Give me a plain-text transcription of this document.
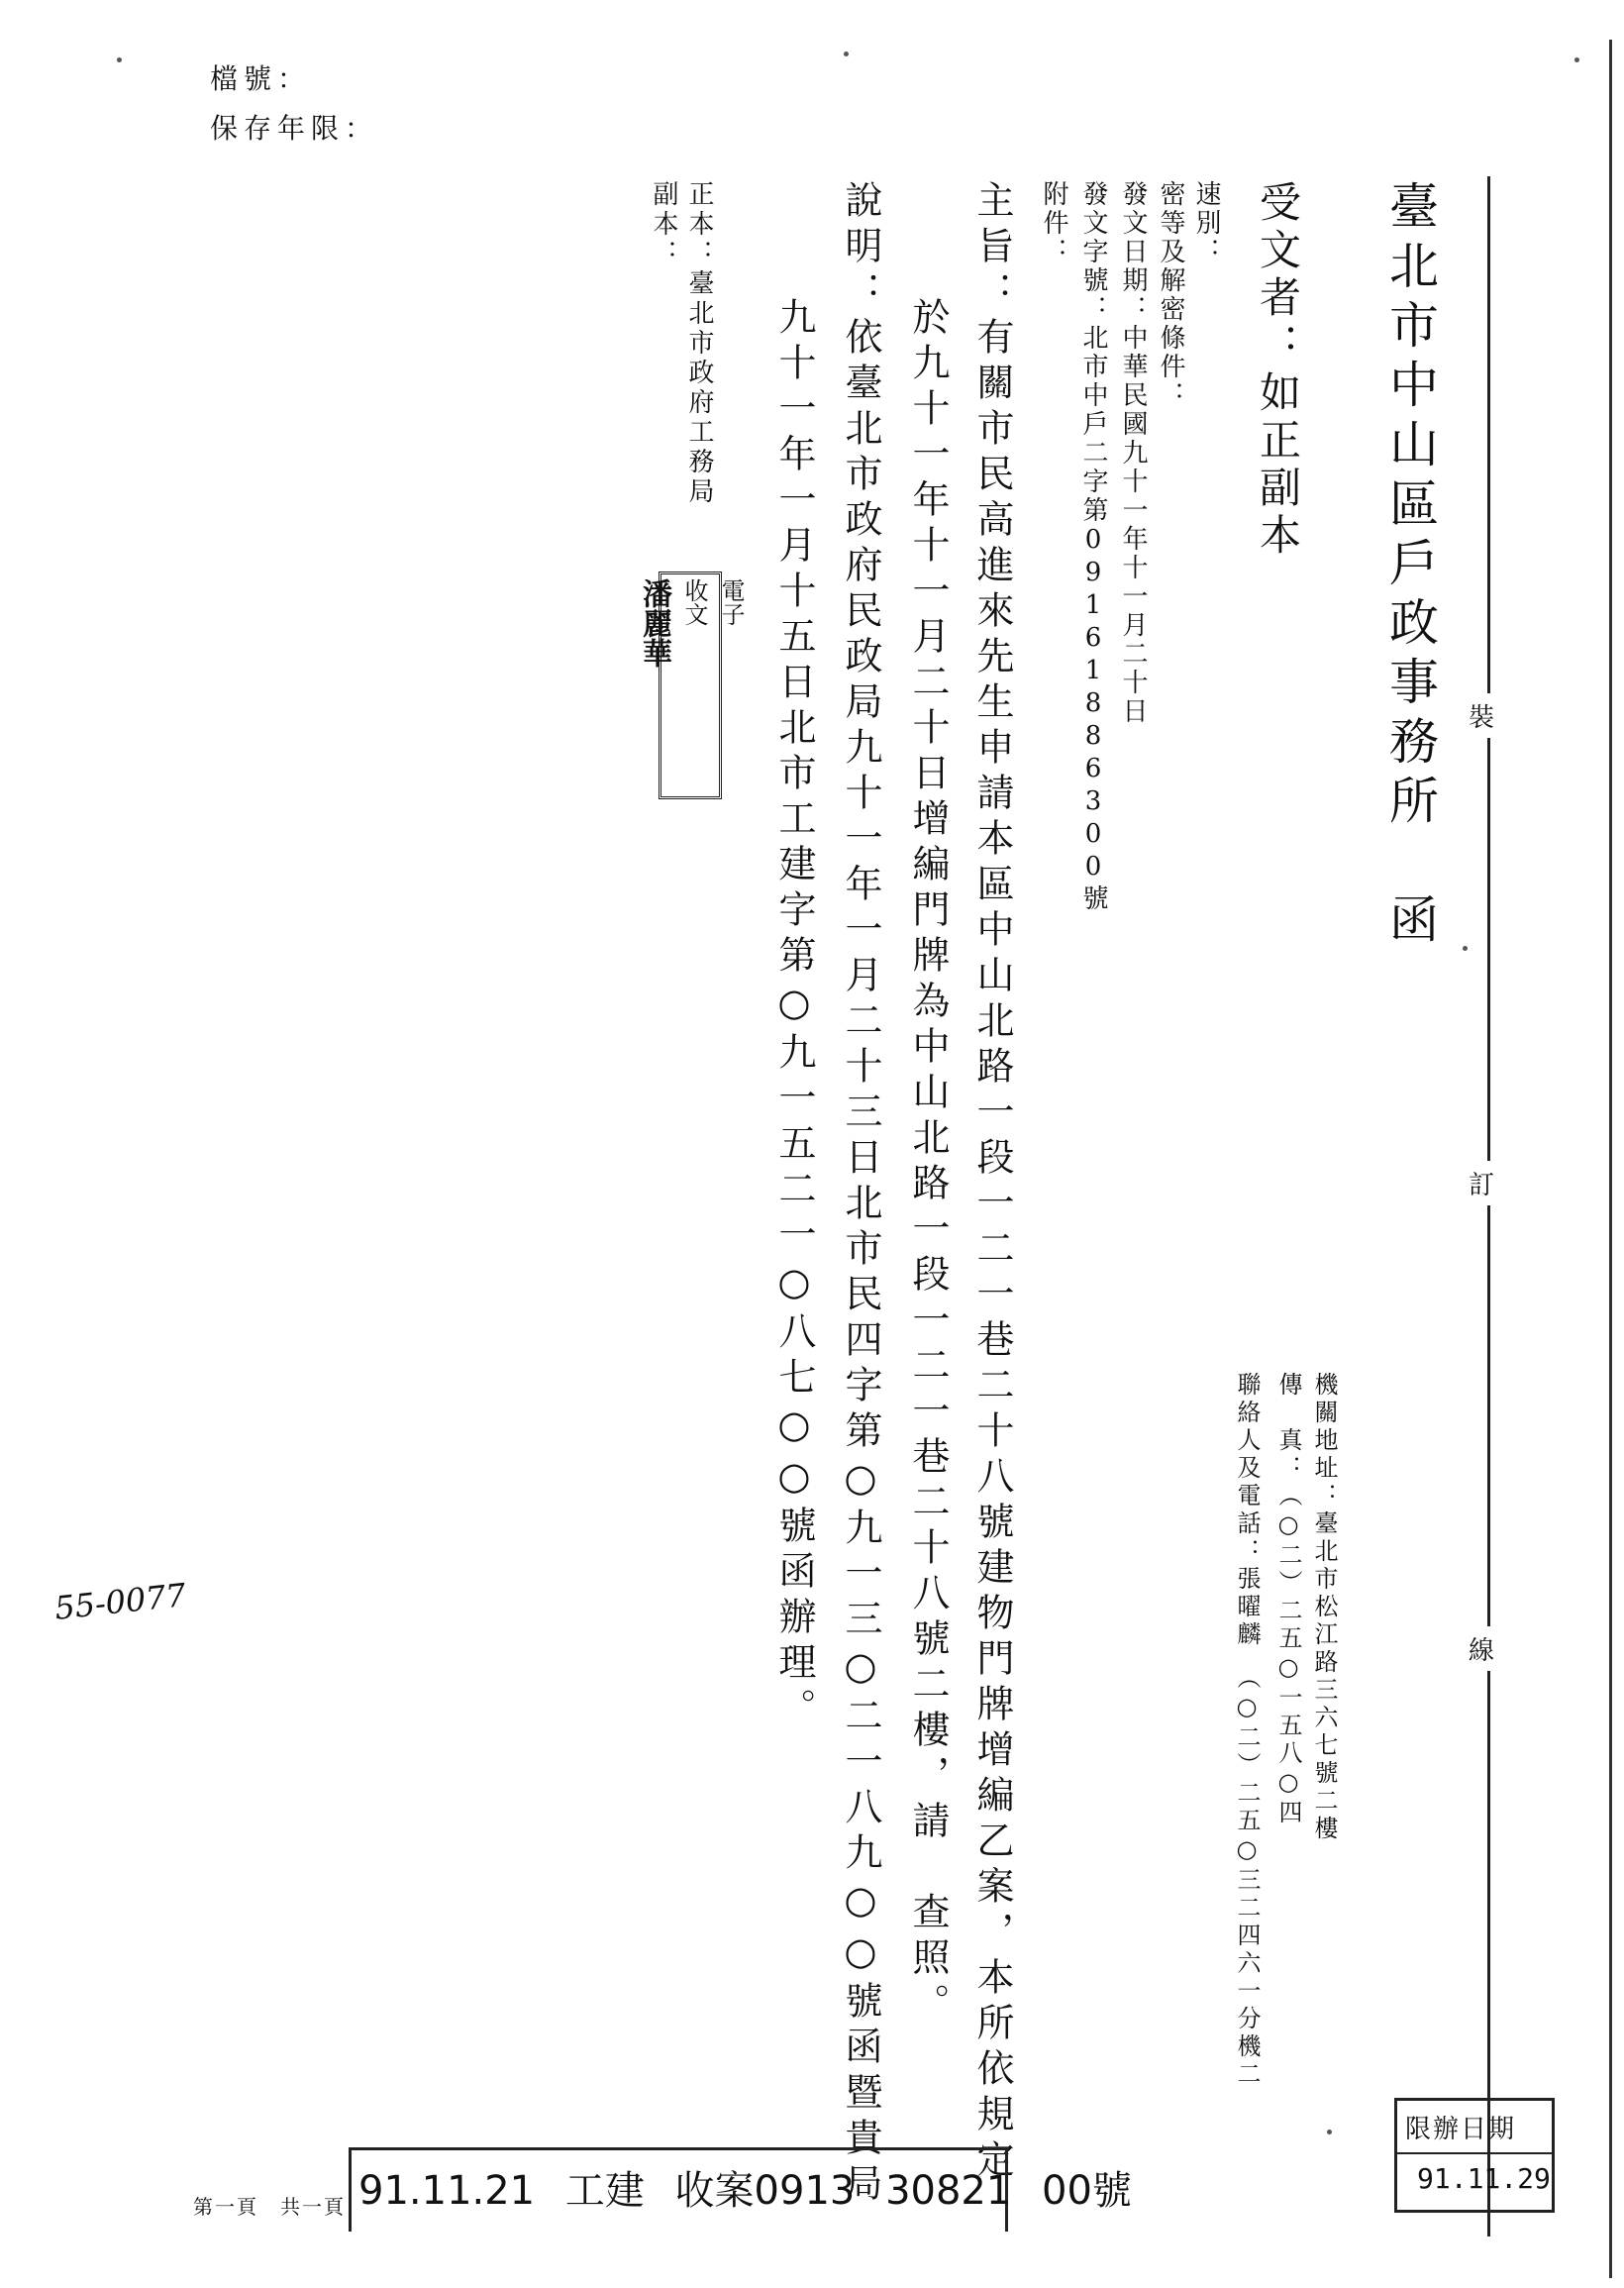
檔號：
保存年限：
裝
訂
線
臺北市中山區戶政事務所　函
受文者：如正副本
速別：
密等及解密條件：
發文日期：中華民國九十一年十一月二十日
發文字號：北市中戶二字第09161886300號
附件：
主旨：有關市民高進來先生申請本區中山北路一段一二一巷二十八號建物門牌增編乙案，本所依規定
於九十一年十一月二十日增編門牌為中山北路一段一二一巷二十八號二樓，請　查照。
說明：依臺北市政府民政局九十一年一月二十三日北市民四字第○九一三○二一八九○○號函暨貴局
九十一年一月十五日北市工建字第○九一五二一○八七○○號函辦理。
正本：臺北市政府工務局
副本：
電子
收文
潘麗華
機關地址：臺北市松江路三六七號二樓
傳　真：（○二）二五○一五八○四
聯絡人及電話：張曜麟　（○二）二五○三二四六一分機二
限辦日期
91.11.29
55-0077
第一頁　共一頁 91.11.21 工建 收案0913 30821 00號
